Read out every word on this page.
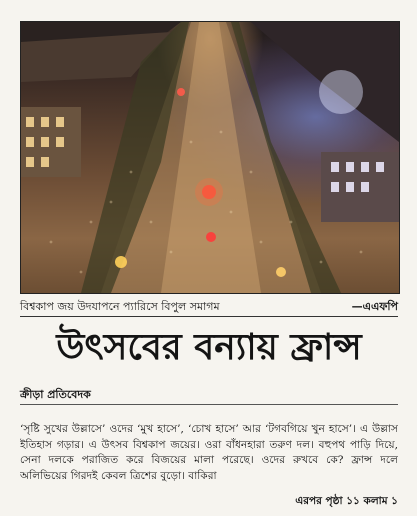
বিশ্বকাপ জয় উদযাপনে প্যারিসে বিপুল সমাগম	—এএফপি
উৎসবের বন্যায় ফ্রান্স
ক্রীড়া প্রতিবেদক
‘সৃষ্টি সুখের উল্লাসে’ ওদের ‘মুখ হাসে’, ‘চোখ হাসে’ আর ‘টগবগিয়ে খুন হাসে’। এ উল্লাস ইতিহাস গড়ার। এ উৎসব বিশ্বকাপ জয়ের। ওরা বাঁধনহারা তরুণ দল। বহুপথ পাড়ি দিয়ে, সেনা দলকে পরাজিত করে বিজয়ের মালা পরেছে। ওদের রুখবে কে? ফ্রান্স দলে অলিভিয়ের গিরদই কেবল ত্রিশের বুড়ো। বাকিরা
এরপর পৃষ্ঠা ১১ কলাম ১
